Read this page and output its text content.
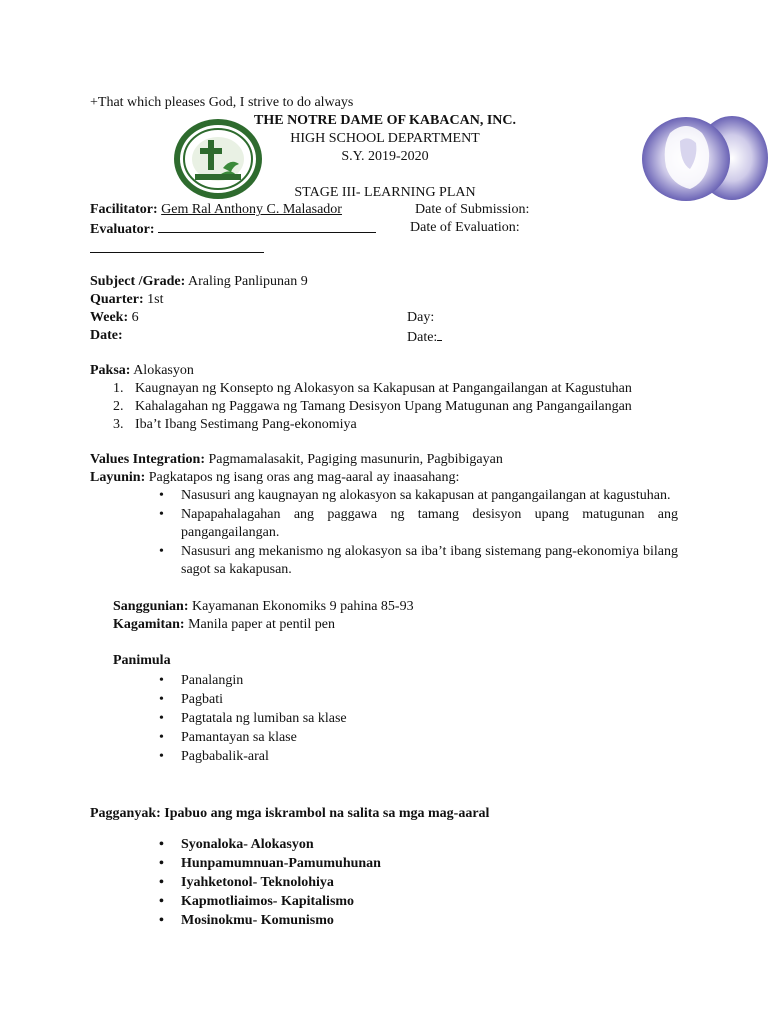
+That which pleases God, I strive to do always
THE NOTRE DAME OF KABACAN, INC.
HIGH SCHOOL DEPARTMENT
S.Y. 2019-2020
STAGE III- LEARNING PLAN
Facilitator: Gem Ral Anthony C. Malasador	Date of Submission:
Evaluator:	Date of Evaluation:
Subject /Grade: Araling Panlipunan 9
Quarter: 1st
Week: 6	Day:
Date:	Date:
Paksa: Alokasyon
1. Kaugnayan ng Konsepto ng Alokasyon sa Kakapusan at Pangangailangan at Kagustuhan
2. Kahalagahan ng Paggawa ng Tamang Desisyon Upang Matugunan ang Pangangailangan
3. Iba’t Ibang Sestimang Pang-ekonomiya
Values Integration: Pagmamalasakit, Pagiging masunurin, Pagbibigayan
Layunin: Pagkatapos ng isang oras ang mag-aaral ay inaasahang:
• Nasusuri ang kaugnayan ng alokasyon sa kakapusan at pangangailangan at kagustuhan.
• Napapahalagahan ang paggawa ng tamang desisyon upang matugunan ang pangangailangan.
• Nasusuri ang mekanismo ng alokasyon sa iba’t ibang sistemang pang-ekonomiya bilang sagot sa kakapusan.
Sanggunian: Kayamanan Ekonomiks 9 pahina 85-93
Kagamitan: Manila paper at pentil pen
Panimula
• Panalangin
• Pagbati
• Pagtatala ng lumiban sa klase
• Pamantayan sa klase
• Pagbabalik-aral
Pagganyak: Ipabuo ang mga iskrambol na salita sa mga mag-aaral
• Syonaloka- Alokasyon
• Hunpamumnuan-Pamumuhunan
• Iyahketonol- Teknolohiya
• Kapmotliaimos- Kapitalismo
• Mosinokmu- Komunismo
